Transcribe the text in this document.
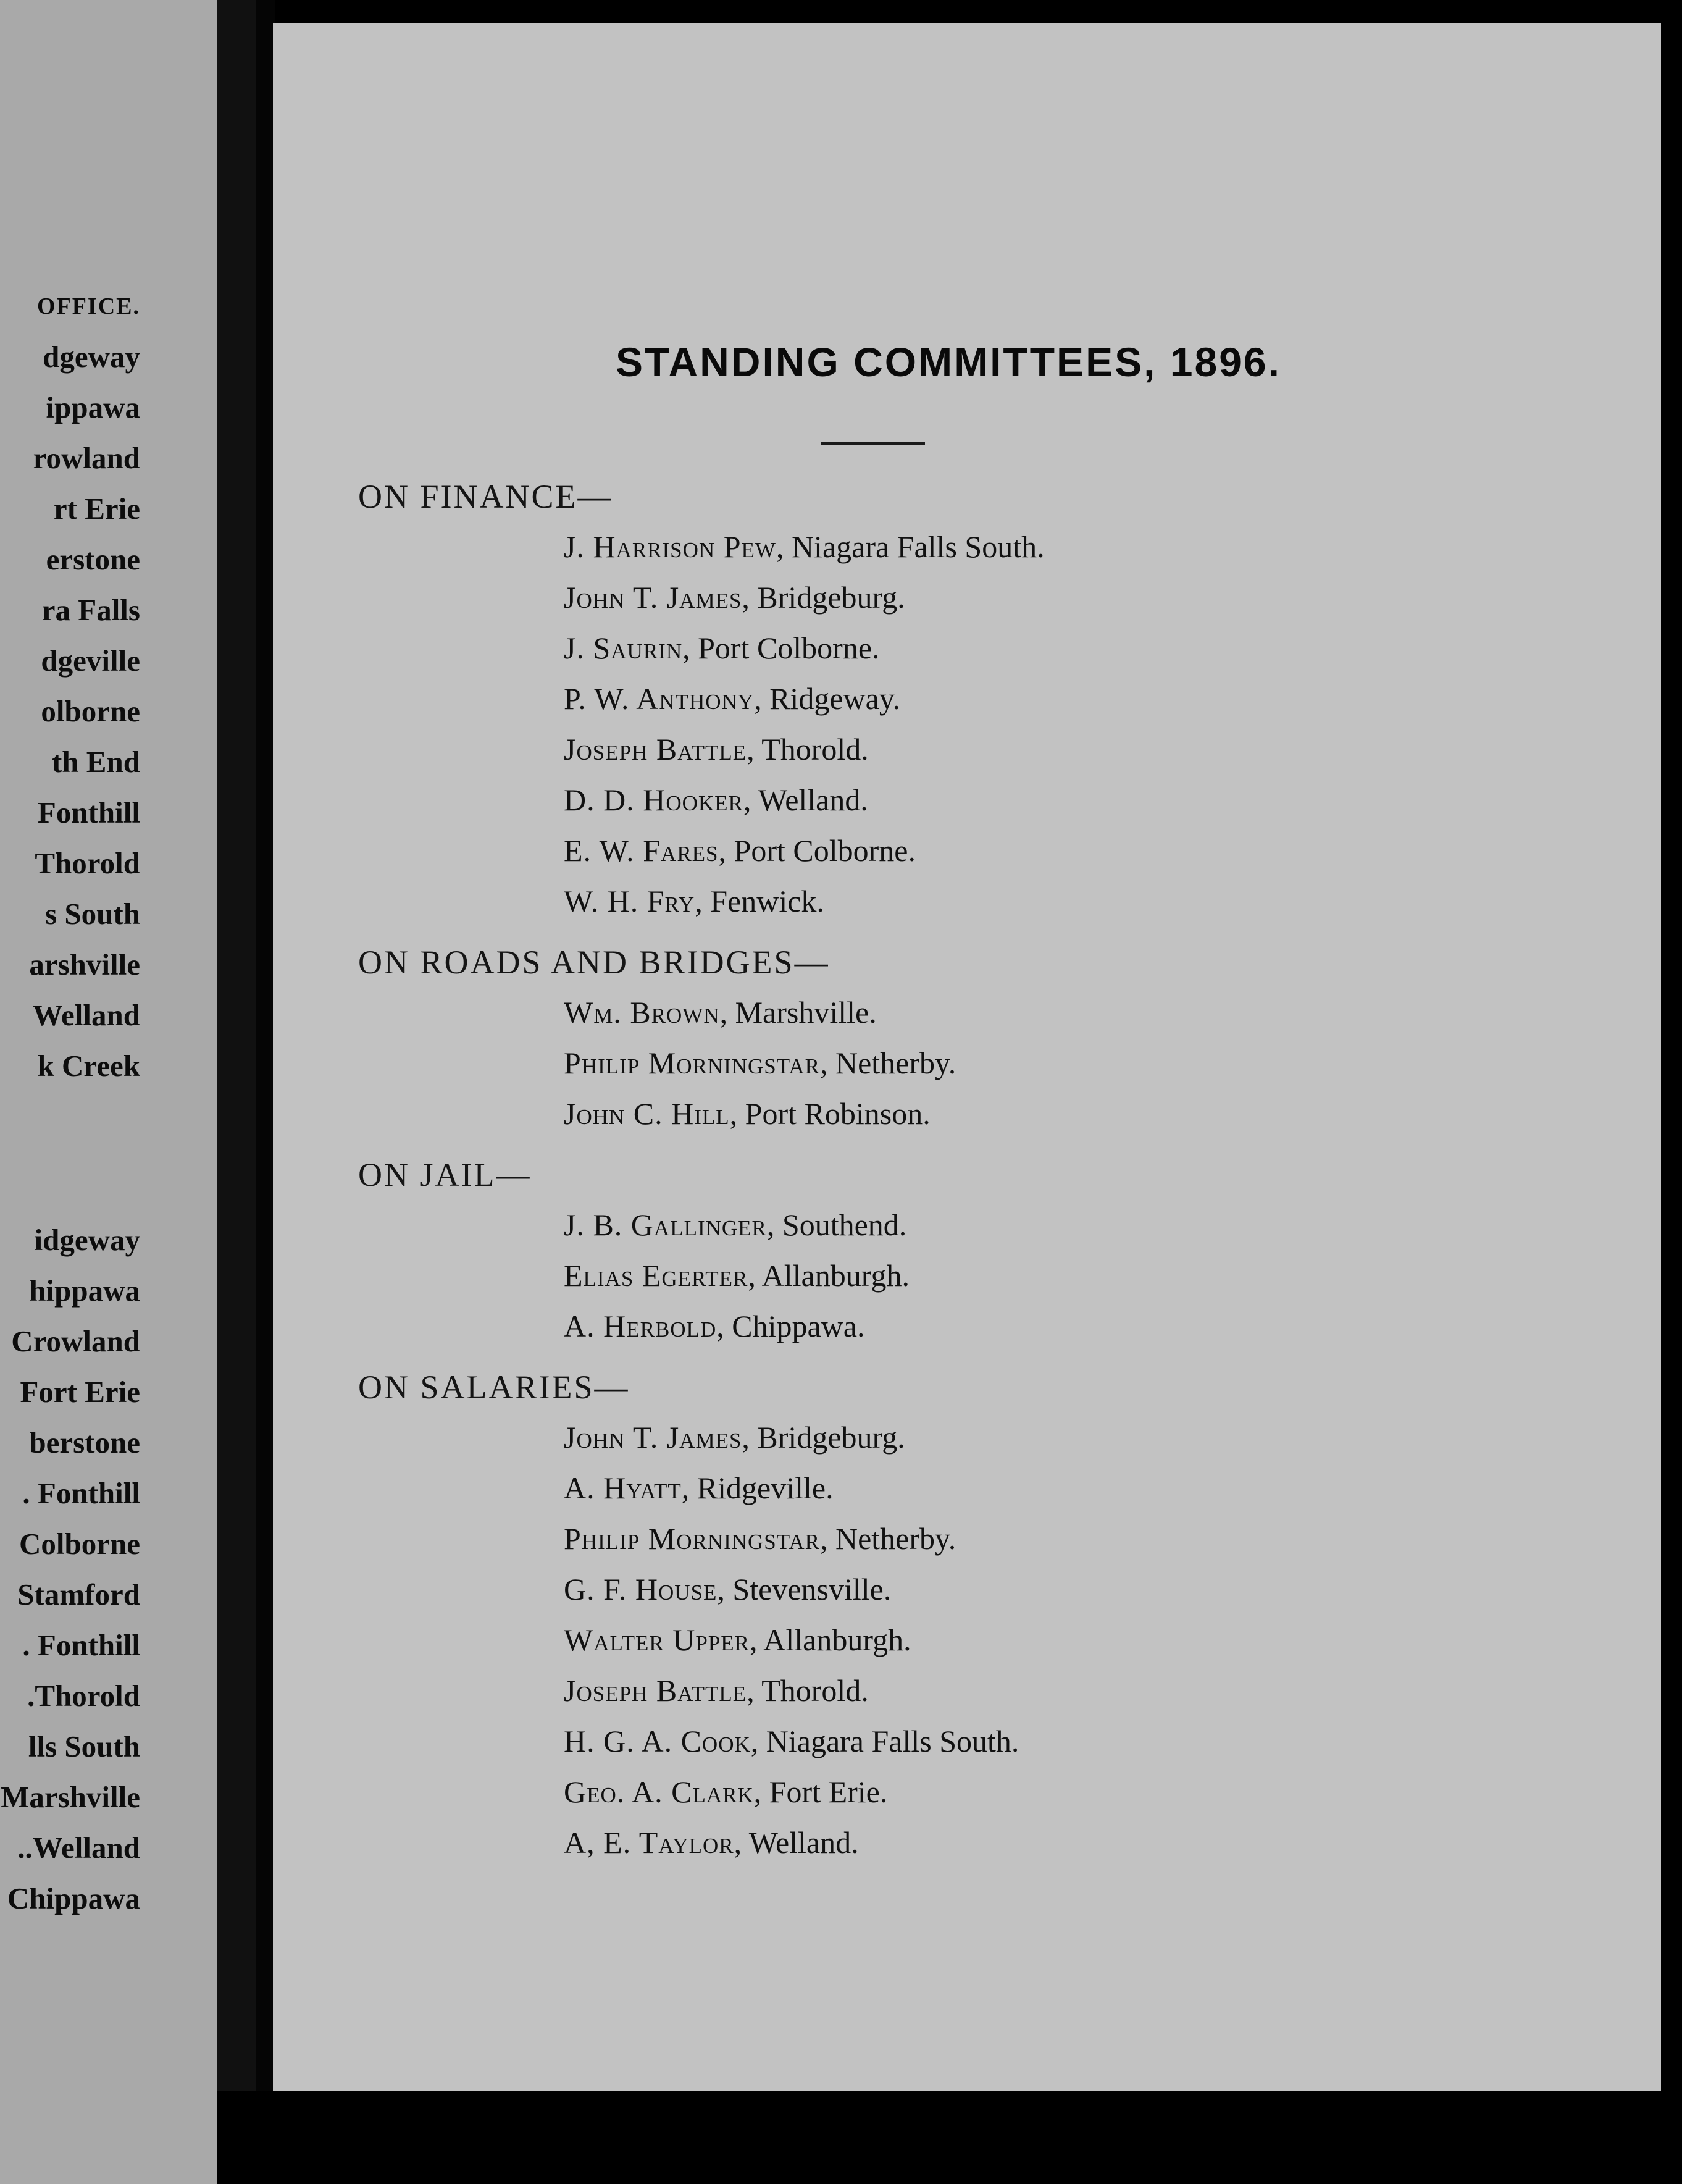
OFFICE.
dgeway
ippawa
rowland
rt Erie
erstone
ra Falls
dgeville
olborne
th End
Fonthill
Thorold
s South
arshville
Welland
k Creek
idgeway
hippawa
Crowland
Fort Erie
berstone
. Fonthill
Colborne
Stamford
. Fonthill
.Thorold
lls South
Marshville
..Welland
Chippawa
STANDING COMMITTEES, 1896.
ON FINANCE—
J. Harrison Pew, Niagara Falls South.
John T. James, Bridgeburg.
J. Saurin, Port Colborne.
P. W. Anthony, Ridgeway.
Joseph Battle, Thorold.
D. D. Hooker, Welland.
E. W. Fares, Port Colborne.
W. H. Fry, Fenwick.
ON ROADS AND BRIDGES—
Wm. Brown, Marshville.
Philip Morningstar, Netherby.
John C. Hill, Port Robinson.
ON JAIL—
J. B. Gallinger, Southend.
Elias Egerter, Allanburgh.
A. Herbold, Chippawa.
ON SALARIES—
John T. James, Bridgeburg.
A. Hyatt, Ridgeville.
Philip Morningstar, Netherby.
G. F. House, Stevensville.
Walter Upper, Allanburgh.
Joseph Battle, Thorold.
H. G. A. Cook, Niagara Falls South.
Geo. A. Clark, Fort Erie.
A, E. Taylor, Welland.
